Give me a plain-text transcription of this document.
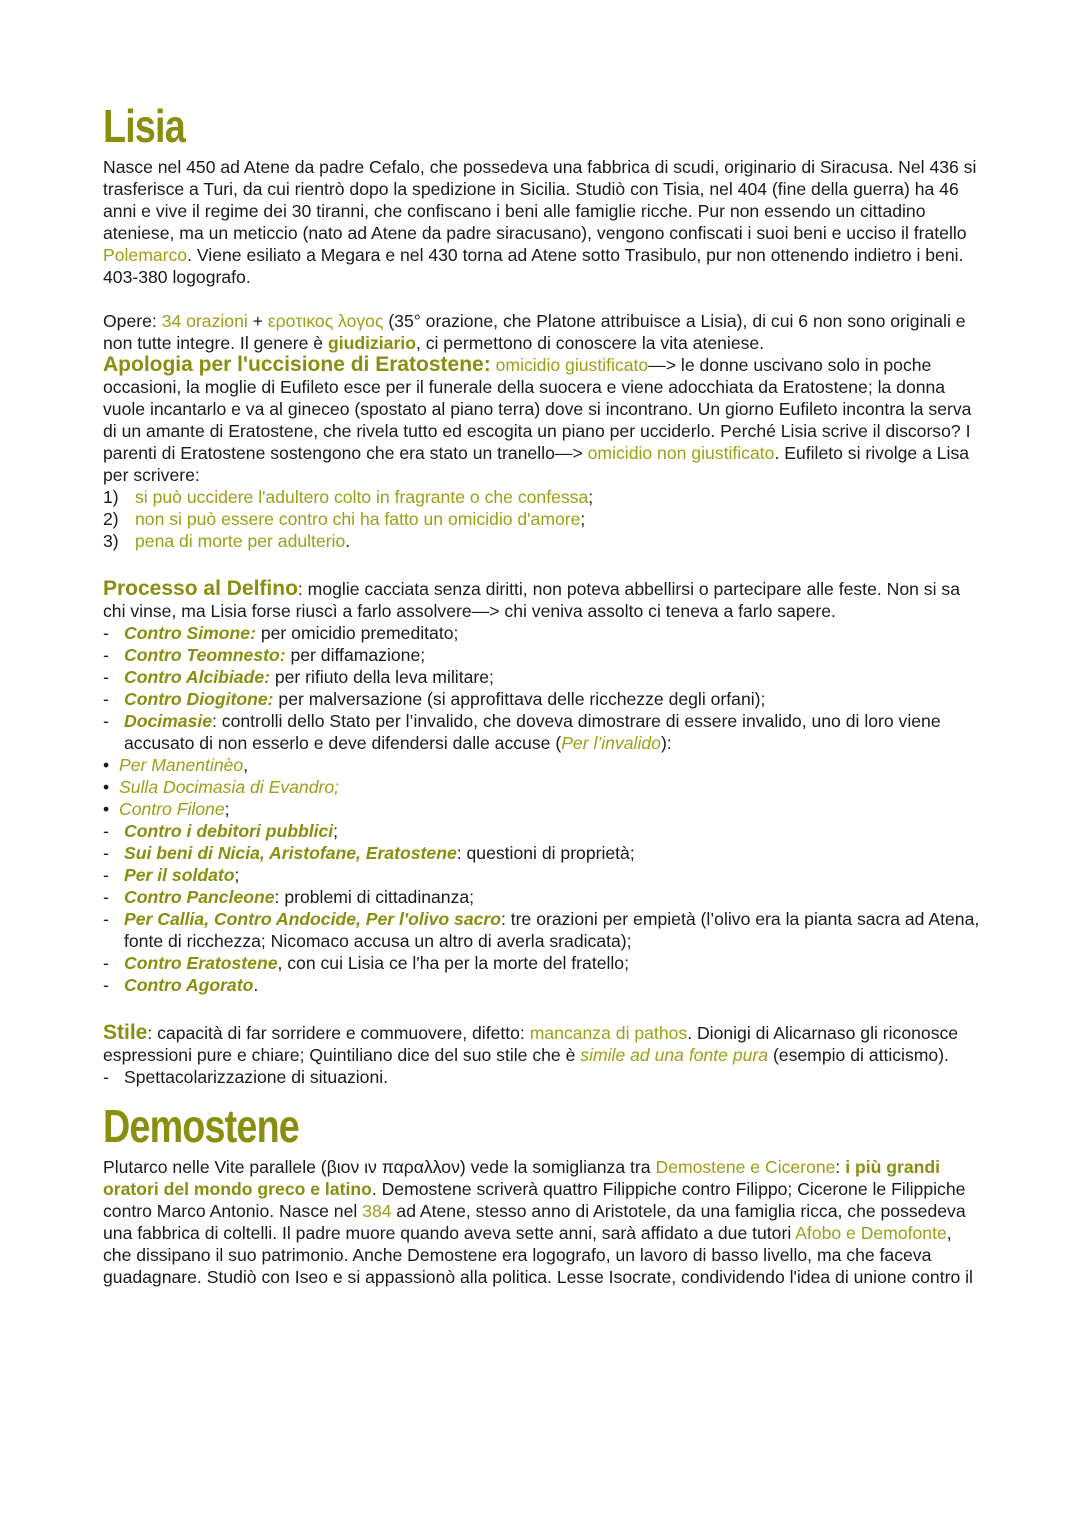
Lisia

Nasce nel 450 ad Atene da padre Cefalo, che possedeva una fabbrica di scudi, originario di Siracusa. Nel 436 si trasferisce a Turi, da cui rientrò dopo la spedizione in Sicilia. Studiò con Tisia, nel 404 (fine della guerra) ha 46 anni e vive il regime dei 30 tiranni, che confiscano i beni alle famiglie ricche. Pur non essendo un cittadino ateniese, ma un meticcio (nato ad Atene da padre siracusano), vengono confiscati i suoi beni e ucciso il fratello Polemarco. Viene esiliato a Megara e nel 430 torna ad Atene sotto Trasibulo, pur non ottenendo indietro i beni. 403-380 logografo.

Opere: 34 orazioni + ερoτικος λογος (35° orazione, che Platone attribuisce a Lisia), di cui 6 non sono originali e non tutte integre. Il genere è giudiziario, ci permettono di conoscere la vita ateniese.

Apologia per l'uccisione di Eratostene: omicidio giustificato—> le donne uscivano solo in poche occasioni, la moglie di Eufileto esce per il funerale della suocera e viene adocchiata da Eratostene; la donna vuole incantarlo e va al gineceo (spostato al piano terra) dove si incontrano. Un giorno Eufileto incontra la serva di un amante di Eratostene, che rivela tutto ed escogita un piano per ucciderlo. Perché Lisia scrive il discorso? I parenti di Eratostene sostengono che era stato un tranello—> omicidio non giustificato. Eufileto si rivolge a Lisa per scrivere:

1) si può uccidere l'adultero colto in fragrante o che confessa;
2) non si può essere contro chi ha fatto un omicidio d'amore;
3) pena di morte per adulterio.

Processo al Delfino: moglie cacciata senza diritti, non poteva abbellirsi o partecipare alle feste. Non si sa chi vinse, ma Lisia forse riuscì a farlo assolvere—> chi veniva assolto ci teneva a farlo sapere.

- Contro Simone: per omicidio premeditato;
- Contro Teomnesto: per diffamazione;
- Contro Alcibiade: per rifiuto della leva militare;
- Contro Diogitone: per malversazione (si approfittava delle ricchezze degli orfani);
- Docimasie: controlli dello Stato per l’invalido, che doveva dimostrare di essere invalido, uno di loro viene accusato di non esserlo e deve difendersi dalle accuse (Per l’invalido):
• Per Manentinèo,
• Sulla Docimasia di Evandro;
• Contro Filone;
- Contro i debitori pubblici;
- Sui beni di Nicia, Aristofane, Eratostene: questioni di proprietà;
- Per il soldato;
- Contro Pancleone: problemi di cittadinanza;
- Per Callia, Contro Andocide, Per l'olivo sacro: tre orazioni per empietà (l’olivo era la pianta sacra ad Atena, fonte di ricchezza; Nicomaco accusa un altro di averla sradicata);
- Contro Eratostene, con cui Lisia ce l'ha per la morte del fratello;
- Contro Agorato.

Stile: capacità di far sorridere e commuovere, difetto: mancanza di pathos. Dionigi di Alicarnaso gli riconosce espressioni pure e chiare; Quintiliano dice del suo stile che è simile ad una fonte pura (esempio di atticismo).

- Spettacolarizzazione di situazioni.
Demostene

Plutarco nelle Vite parallele (βιον ιν παραλλον) vede la somiglianza tra Demostene e Cicerone: i più grandi oratori del mondo greco e latino. Demostene scriverà quattro Filippiche contro Filippo; Cicerone le Filippiche contro Marco Antonio. Nasce nel 384 ad Atene, stesso anno di Aristotele, da una famiglia ricca, che possedeva una fabbrica di coltelli. Il padre muore quando aveva sette anni, sarà affidato a due tutori Afobo e Demofonte, che dissipano il suo patrimonio. Anche Demostene era logografo, un lavoro di basso livello, ma che faceva guadagnare. Studiò con Iseo e si appassionò alla politica. Lesse Isocrate, condividendo l'idea di unione contro il
